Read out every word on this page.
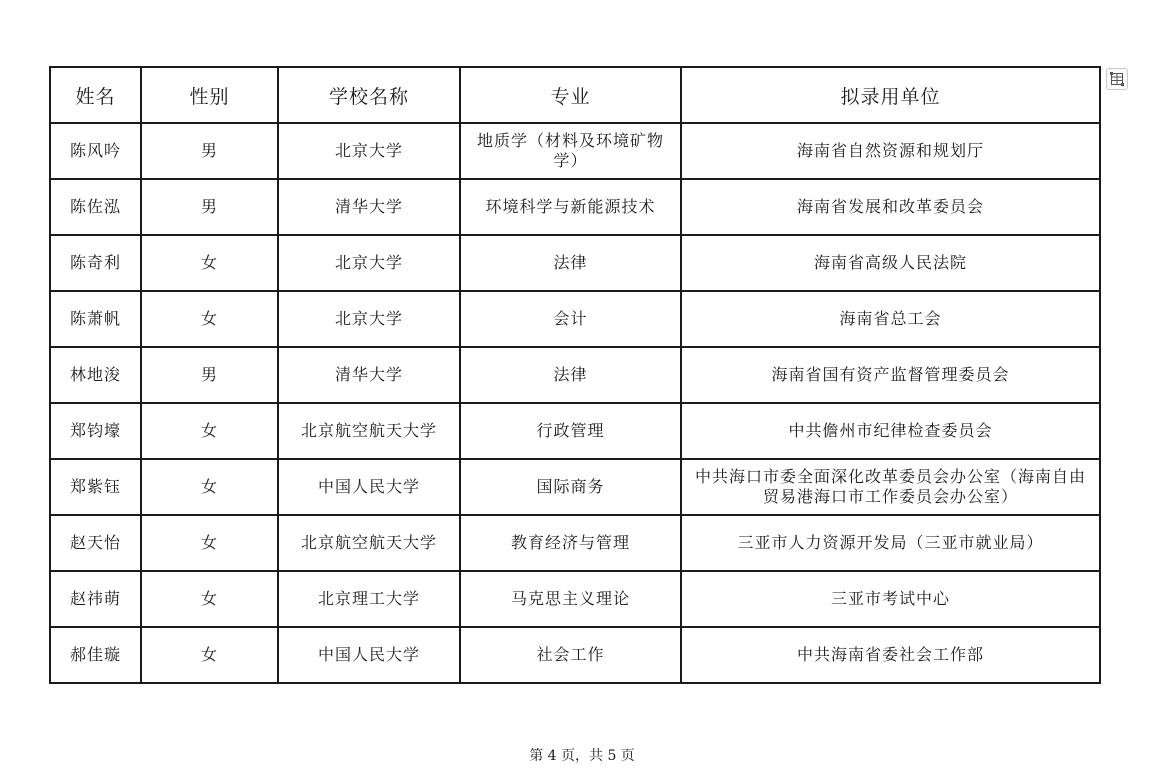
姓名	性别	学校名称	专业	拟录用单位
陈风吟	男	北京大学	地质学（材料及环境矿物学）	海南省自然资源和规划厅
陈佐泓	男	清华大学	环境科学与新能源技术	海南省发展和改革委员会
陈奇利	女	北京大学	法律	海南省高级人民法院
陈萧帆	女	北京大学	会计	海南省总工会
林地浚	男	清华大学	法律	海南省国有资产监督管理委员会
郑钧壕	女	北京航空航天大学	行政管理	中共儋州市纪律检查委员会
郑紫钰	女	中国人民大学	国际商务	中共海口市委全面深化改革委员会办公室（海南自由贸易港海口市工作委员会办公室）
赵天怡	女	北京航空航天大学	教育经济与管理	三亚市人力资源开发局（三亚市就业局）
赵祎萌	女	北京理工大学	马克思主义理论	三亚市考试中心
郝佳璇	女	中国人民大学	社会工作	中共海南省委社会工作部
第 4 页，共 5 页
